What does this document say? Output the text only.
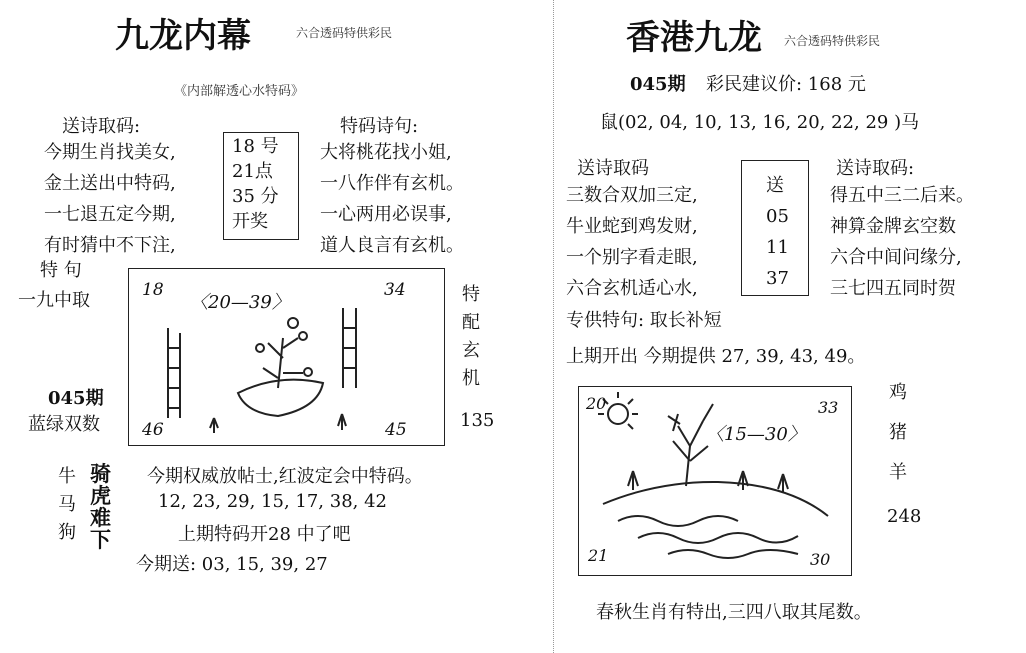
九龙内幕	六合透码特供彩民
《内部解透心水特码》
送诗取码:	特码诗句:
今期生肖找美女,
金土送出中特码,
一七退五定今期,
有时猜中不下注,
18 号
21点
35 分
开奖
大将桃花找小姐,
一八作伴有玄机。
一心两用必误事,
道人良言有玄机。
特 句
一九中取
045期
蓝绿双数
18	34
46	45
〈20—39〉	特
配
玄
机
135
牛
马
狗
骑
虎
难
下
今期权威放帖士,红波定会中特码。
12, 23, 29, 15, 17, 38, 42
上期特码开28 中了吧
今期送: 03, 15, 39, 27
香港九龙 六合透码特供彩民
045期 彩民建议价: 168 元
鼠(02, 04, 10, 13, 16, 20, 22, 29 )马
送诗取码	送诗取码:
三数合双加三定,
牛业蛇到鸡发财,
一个别字看走眼,
六合玄机适心水,
送
05
11
37
得五中三二后来。
神算金牌玄空数
六合中间问缘分,
三七四五同时贺
专供特句: 取长补短
上期开出 今期提供 27, 39, 43, 49。
20	33
21	30
〈15—30〉
鸡
猪
羊
248
春秋生肖有特出,三四八取其尾数。
